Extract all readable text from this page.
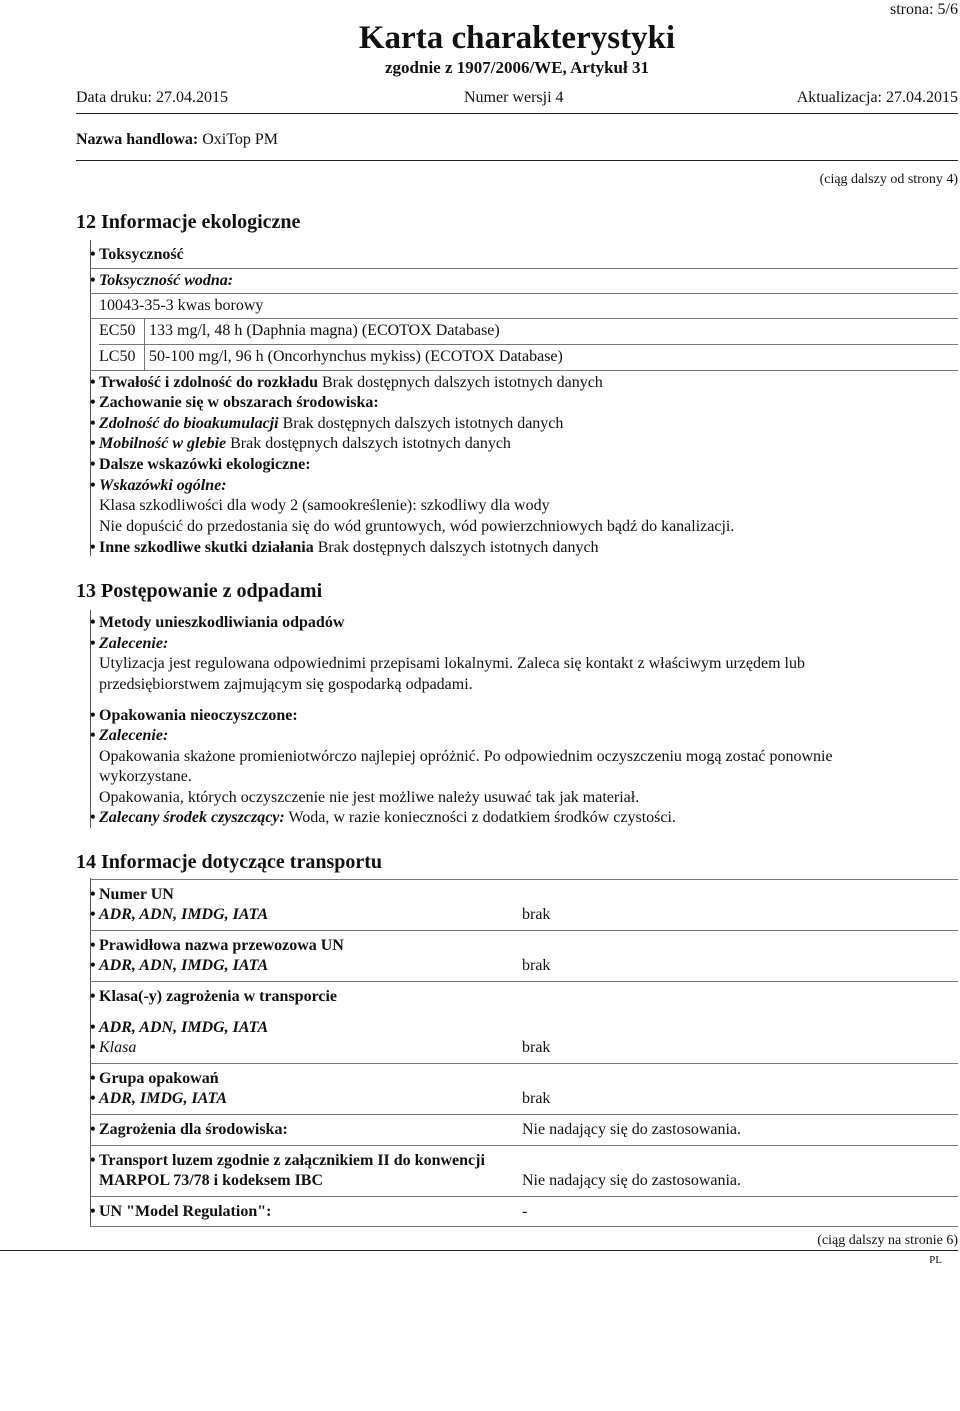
strona: 5/6
Karta charakterystyki
zgodnie z 1907/2006/WE, Artykuł 31
Data druku: 27.04.2015	Numer wersji 4	Aktualizacja: 27.04.2015
Nazwa handlowa: OxiTop PM
(ciąg dalszy od strony 4)
12 Informacje ekologiczne
• Toksyczność
• Toksyczność wodna:
10043-35-3 kwas borowy
EC50 133 mg/l, 48 h (Daphnia magna) (ECOTOX Database)
LC50 50-100 mg/l, 96 h (Oncorhynchus mykiss) (ECOTOX Database)
• Trwałość i zdolność do rozkładu Brak dostępnych dalszych istotnych danych
• Zachowanie się w obszarach środowiska:
• Zdolność do bioakumulacji Brak dostępnych dalszych istotnych danych
• Mobilność w glebie Brak dostępnych dalszych istotnych danych
• Dalsze wskazówki ekologiczne:
• Wskazówki ogólne:
Klasa szkodliwości dla wody 2 (samookreślenie): szkodliwy dla wody
Nie dopuścić do przedostania się do wód gruntowych, wód powierzchniowych bądź do kanalizacji.
• Inne szkodliwe skutki działania Brak dostępnych dalszych istotnych danych
13 Postępowanie z odpadami
• Metody unieszkodliwiania odpadów
• Zalecenie:
Utylizacja jest regulowana odpowiednimi przepisami lokalnymi. Zaleca się kontakt z właściwym urzędem lub
przedsiębiorstwem zajmującym się gospodarką odpadami.
• Opakowania nieoczyszczone:
• Zalecenie:
Opakowania skażone promieniotwórczo najlepiej opróżnić. Po odpowiednim oczyszczeniu mogą zostać ponownie
wykorzystane.
Opakowania, których oczyszczenie nie jest możliwe należy usuwać tak jak materiał.
• Zalecany środek czyszczący: Woda, w razie konieczności z dodatkiem środków czystości.
14 Informacje dotyczące transportu
• Numer UN
• ADR, ADN, IMDG, IATA	brak
• Prawidłowa nazwa przewozowa UN
• ADR, ADN, IMDG, IATA	brak
• Klasa(-y) zagrożenia w transporcie
• ADR, ADN, IMDG, IATA
• Klasa	brak
• Grupa opakowań
• ADR, IMDG, IATA	brak
• Zagrożenia dla środowiska:	Nie nadający się do zastosowania.
• Transport luzem zgodnie z załącznikiem II do konwencji
MARPOL 73/78 i kodeksem IBC	Nie nadający się do zastosowania.
• UN "Model Regulation":	-
(ciąg dalszy na stronie 6)
PL
